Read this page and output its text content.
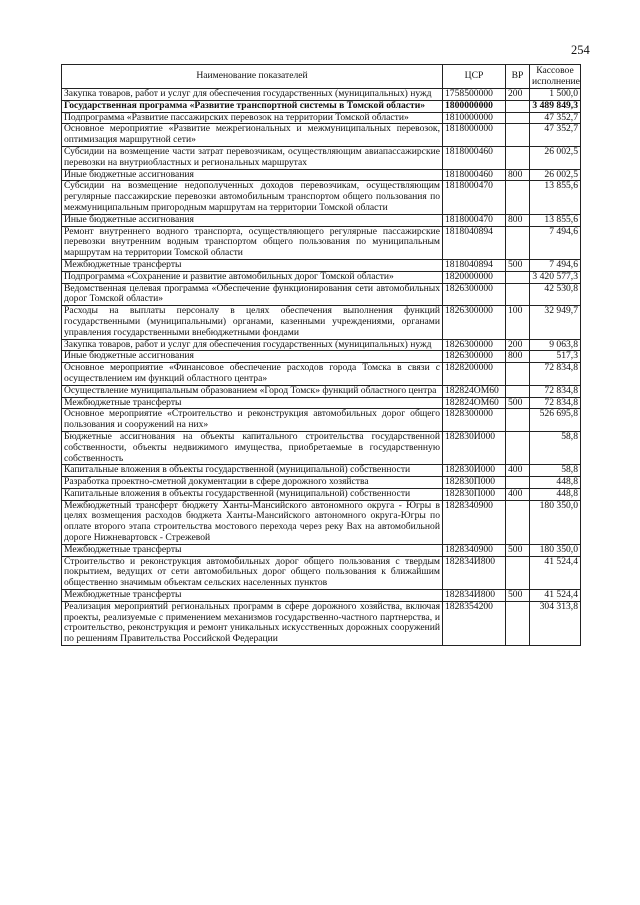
254
Наименование показателей	ЦСР	ВР	Кассовое исполнение
Закупка товаров, работ и услуг для обеспечения государственных (муниципальных) нужд	1758500000	200	1 500,0
Государственная программа «Развитие транспортной системы в Томской области»	1800000000		3 489 849,3
Подпрограмма «Развитие пассажирских перевозок на территории Томской области»	1810000000		47 352,7
Основное мероприятие «Развитие межрегиональных и межмуниципальных перевозок, оптимизация маршрутной сети»	1818000000		47 352,7
Субсидии на возмещение части затрат перевозчикам, осуществляющим авиапассажирские перевозки на внутриобластных и региональных маршрутах	1818000460		26 002,5
Иные бюджетные ассигнования	1818000460	800	26 002,5
Субсидии на возмещение недополученных доходов перевозчикам, осуществляющим регулярные пассажирские перевозки автомобильным транспортом общего пользования по межмуниципальным пригородным маршрутам на территории Томской области	1818000470		13 855,6
Иные бюджетные ассигнования	1818000470	800	13 855,6
Ремонт внутреннего водного транспорта, осуществляющего регулярные пассажирские перевозки внутренним водным транспортом общего пользования по муниципальным маршрутам на территории Томской области	1818040894		7 494,6
Межбюджетные трансферты	1818040894	500	7 494,6
Подпрограмма «Сохранение и развитие автомобильных дорог Томской области»	1820000000		3 420 577,3
Ведомственная целевая программа «Обеспечение функционирования сети автомобильных дорог Томской области»	1826300000		42 530,8
Расходы на выплаты персоналу в целях обеспечения выполнения функций государственными (муниципальными) органами, казенными учреждениями, органами управления государственными внебюджетными фондами	1826300000	100	32 949,7
Закупка товаров, работ и услуг для обеспечения государственных (муниципальных) нужд	1826300000	200	9 063,8
Иные бюджетные ассигнования	1826300000	800	517,3
Основное мероприятие «Финансовое обеспечение расходов города Томска в связи с осуществлением им функций областного центра»	1828200000		72 834,8
Осуществление муниципальным образованием «Город Томск» функций областного центра	182824OM60		72 834,8
Межбюджетные трансферты	182824OM60	500	72 834,8
Основное мероприятие «Строительство и реконструкция автомобильных дорог общего пользования и сооружений на них»	1828300000		526 695,8
Бюджетные ассигнования на объекты капитального строительства государственной собственности, объекты недвижимого имущества, приобретаемые в государственную собственность	182830И000		58,8
Капитальные вложения в объекты государственной (муниципальной) собственности	182830И000	400	58,8
Разработка проектно-сметной документации в сфере дорожного хозяйства	182830П000		448,8
Капитальные вложения в объекты государственной (муниципальной) собственности	182830П000	400	448,8
Межбюджетный трансферт бюджету Ханты-Мансийского автономного округа - Югры в целях возмещения расходов бюджета Ханты-Мансийского автономного округа-Югры по оплате второго этапа строительства мостового перехода через реку Вах на автомобильной дороге Нижневартовск - Стрежевой	1828340900		180 350,0
Межбюджетные трансферты	1828340900	500	180 350,0
Строительство и реконструкция автомобильных дорог общего пользования с твердым покрытием, ведущих от сети автомобильных дорог общего пользования к ближайшим общественно значимым объектам сельских населенных пунктов	182834И800		41 524,4
Межбюджетные трансферты	182834И800	500	41 524,4
Реализация мероприятий региональных программ в сфере дорожного хозяйства, включая проекты, реализуемые с применением механизмов государственно-частного партнерства, и строительство, реконструкция и ремонт уникальных искусственных дорожных сооружений по решениям Правительства Российской Федерации	1828354200		304 313,8
